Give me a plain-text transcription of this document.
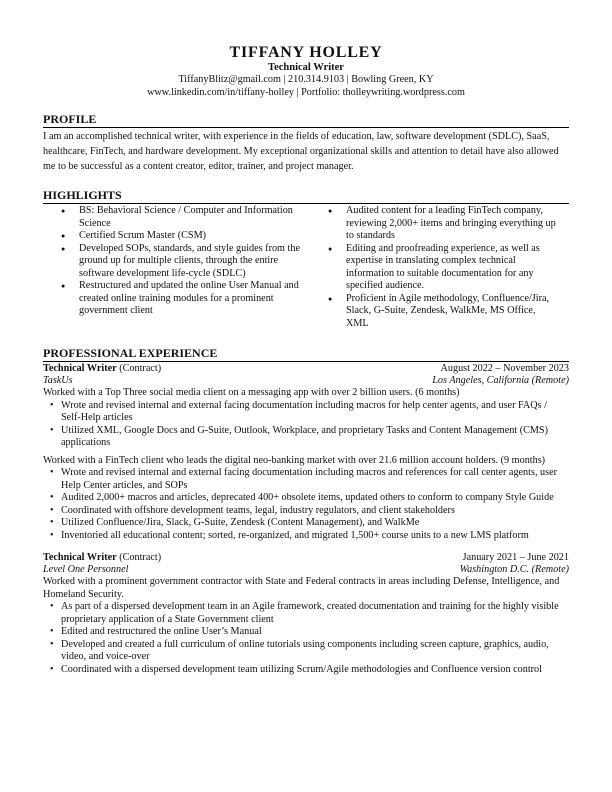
TIFFANY HOLLEY
Technical Writer
TiffanyBlitz@gmail.com | 210.314.9103 | Bowling Green, KY
www.linkedin.com/in/tiffany-holley | Portfolio: tholleywriting.wordpress.com
PROFILE
I am an accomplished technical writer, with experience in the fields of education, law, software development (SDLC), SaaS, healthcare, FinTech, and hardware development. My exceptional organizational skills and attention to detail have also allowed me to be successful as a content creator, editor, trainer, and project manager.
HIGHLIGHTS
● BS: Behavioral Science / Computer and Information Science
● Certified Scrum Master (CSM)
● Developed SOPs, standards, and style guides from the ground up for multiple clients, through the entire software development life-cycle (SDLC)
● Restructured and updated the online User Manual and created online training modules for a prominent government client
● Audited content for a leading FinTech company, reviewing 2,000+ items and bringing everything up to standards
● Editing and proofreading experience, as well as expertise in translating complex technical information to suitable documentation for any specified audience.
● Proficient in Agile methodology, Confluence/Jira, Slack, G-Suite, Zendesk, WalkMe, MS Office, XML
PROFESSIONAL EXPERIENCE
Technical Writer (Contract)	August 2022 – November 2023
TaskUs	Los Angeles, California (Remote)
Worked with a Top Three social media client on a messaging app with over 2 billion users. (6 months)
• Wrote and revised internal and external facing documentation including macros for help center agents, and user FAQs / Self-Help articles
• Utilized XML, Google Docs and G-Suite, Outlook, Workplace, and proprietary Tasks and Content Management (CMS) applications
Worked with a FinTech client who leads the digital neo-banking market with over 21.6 million account holders. (9 months)
• Wrote and revised internal and external facing documentation including macros and references for call center agents, user Help Center articles, and SOPs
• Audited 2,000+ macros and articles, deprecated 400+ obsolete items, updated others to conform to company Style Guide
• Coordinated with offshore development teams, legal, industry regulators, and client stakeholders
• Utilized Confluence/Jira, Slack, G-Suite, Zendesk (Content Management), and WalkMe
• Inventoried all educational content; sorted, re-organized, and migrated 1,500+ course units to a new LMS platform
Technical Writer (Contract)	January 2021 – June 2021
Level One Personnel	Washington D.C. (Remote)
Worked with a prominent government contractor with State and Federal contracts in areas including Defense, Intelligence, and Homeland Security.
• As part of a dispersed development team in an Agile framework, created documentation and training for the highly visible proprietary application of a State Government client
• Edited and restructured the online User’s Manual
• Developed and created a full curriculum of online tutorials using components including screen capture, graphics, audio, video, and voice-over
• Coordinated with a dispersed development team utilizing Scrum/Agile methodologies and Confluence version control
